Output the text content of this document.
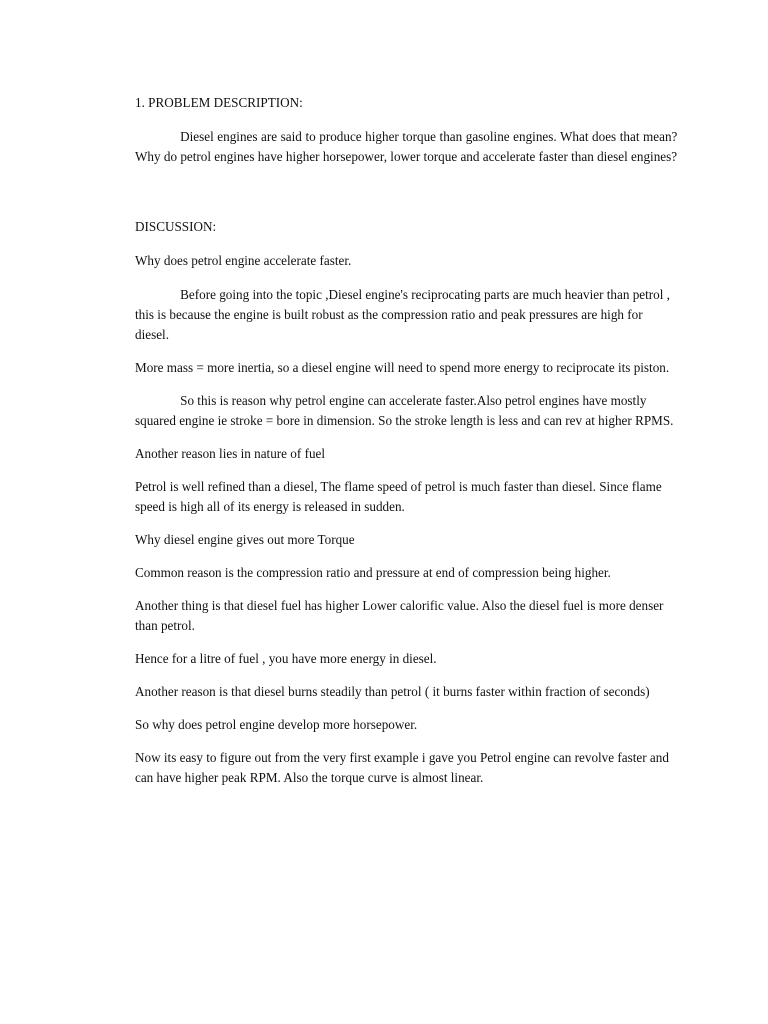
1. PROBLEM DESCRIPTION:

Diesel engines are said to produce higher torque than gasoline engines. What does that mean? Why do petrol engines have higher horsepower, lower torque and accelerate faster than diesel engines?

DISCUSSION:

Why does petrol engine accelerate faster.

Before going into the topic ,Diesel engine's reciprocating parts are much heavier than petrol , this is because the engine is built robust as the compression ratio and peak pressures are high for diesel.

More mass = more inertia, so a diesel engine will need to spend more energy to reciprocate its piston.

So this is reason why petrol engine can accelerate faster.Also petrol engines have mostly squared engine ie stroke = bore in dimension. So the stroke length is less and can rev at higher RPMS.

Another reason lies in nature of fuel

Petrol is well refined than a diesel, The flame speed of petrol is much faster than diesel. Since flame speed is high all of its energy is released in sudden.

Why diesel engine gives out more Torque

Common reason is the compression ratio and pressure at end of compression being higher.

Another thing is that diesel fuel has higher Lower calorific value. Also the diesel fuel is more denser than petrol.

Hence for a litre of fuel , you have more energy in diesel.

Another reason is that diesel burns steadily than petrol ( it burns faster within fraction of seconds)

So why does petrol engine develop more horsepower.

Now its easy to figure out from the very first example i gave you Petrol engine can revolve faster and can have higher peak RPM. Also the torque curve is almost linear.
